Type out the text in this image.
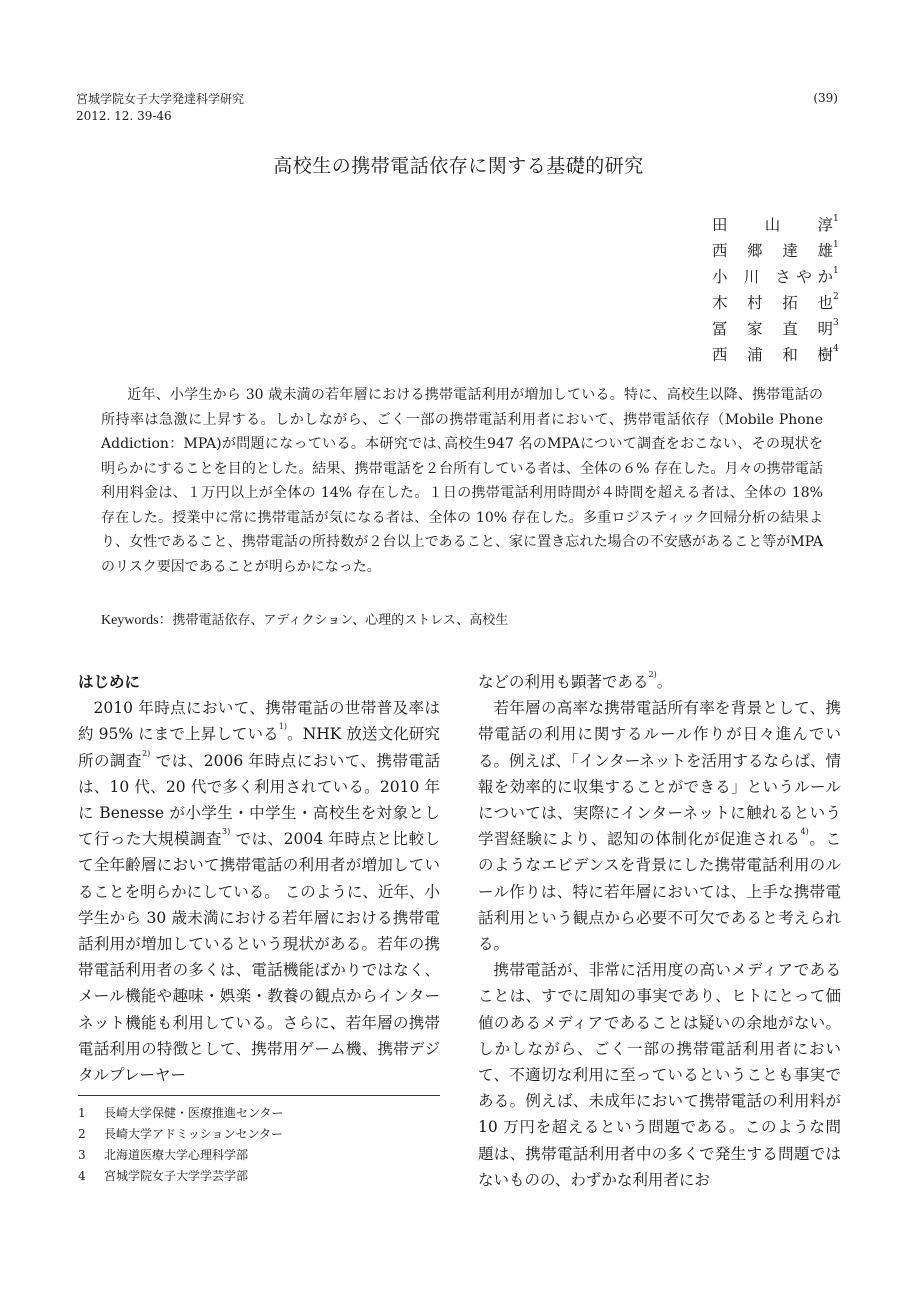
宮城学院女子大学発達科学研究
2012. 12. 39-46
(39)
高校生の携帯電話依存に関する基礎的研究
田 山 淳$^1$
西 郷 達 雄$^1$
小 川 さやか$^1$
木 村 拓 也$^2$
冨 家 直 明$^3$
西 浦 和 樹$^4$
近年、小学生から 30 歳未満の若年層における携帯電話利用が増加している。特に、高校生以降、携帯電話の所持率は急激に上昇する。しかしながら、ごく一部の携帯電話利用者において、携帯電話依存（Mobile Phone Addiction：MPA)が問題になっている。本研究では､高校生947 名のMPAについて調査をおこない、その現状を明らかにすることを目的とした。結果、携帯電話を２台所有している者は、全体の６% 存在した。月々の携帯電話利用料金は、１万円以上が全体の 14% 存在した。１日の携帯電話利用時間が４時間を超える者は、全体の 18% 存在した。授業中に常に携帯電話が気になる者は、全体の 10% 存在した。多重ロジスティック回帰分析の結果より、女性であること、携帯電話の所持数が２台以上であること、家に置き忘れた場合の不安感があること等がMPA のリスク要因であることが明らかになった。
Keywords：携帯電話依存、アディクション、心理的ストレス、高校生
はじめに

2010 年時点において、携帯電話の世帯普及率は約 95% にまで上昇している$^{1)}$。NHK 放送文化研究所の調査$^{2)}$ では、2006 年時点において、携帯電話は、10 代、20 代で多く利用されている。2010 年に Benesse が小学生・中学生・高校生を対象として行った大規模調査$^{3)}$ では、2004 年時点と比較して全年齢層において携帯電話の利用者が増加していることを明らかにしている。 このように、近年、小学生から 30 歳未満における若年層における携帯電話利用が増加しているという現状がある。若年の携帯電話利用者の多くは、電話機能ばかりではなく、メール機能や趣味・娯楽・教養の観点からインターネット機能も利用している。さらに、若年層の携帯電話利用の特徴として、携帯用ゲーム機、携帯デジタルプレーヤー

などの利用も顕著である$^{2)}$。

若年層の高率な携帯電話所有率を背景として、携帯電話の利用に関するルール作りが日々進んでいる。例えば、「インターネットを活用するならば、情報を効率的に収集することができる」というルールについては、実際にインターネットに触れるという学習経験により、認知の体制化が促進される$^{4)}$。このようなエビデンスを背景にした携帯電話利用のルール作りは、特に若年層においては、上手な携帯電話利用という観点から必要不可欠であると考えられる。

携帯電話が、非常に活用度の高いメディアであることは、すでに周知の事実であり、ヒトにとって価値のあるメディアであることは疑いの余地がない。しかしながら、ごく一部の携帯電話利用者において、不適切な利用に至っているということも事実である。例えば、未成年において携帯電話の利用料が 10 万円を超えるという問題である。このような問題は、携帯電話利用者中の多くで発生する問題ではないものの、わずかな利用者にお

1 長崎大学保健・医療推進センター
2 長崎大学アドミッションセンター
3 北海道医療大学心理科学部
4 宮城学院女子大学学芸学部
